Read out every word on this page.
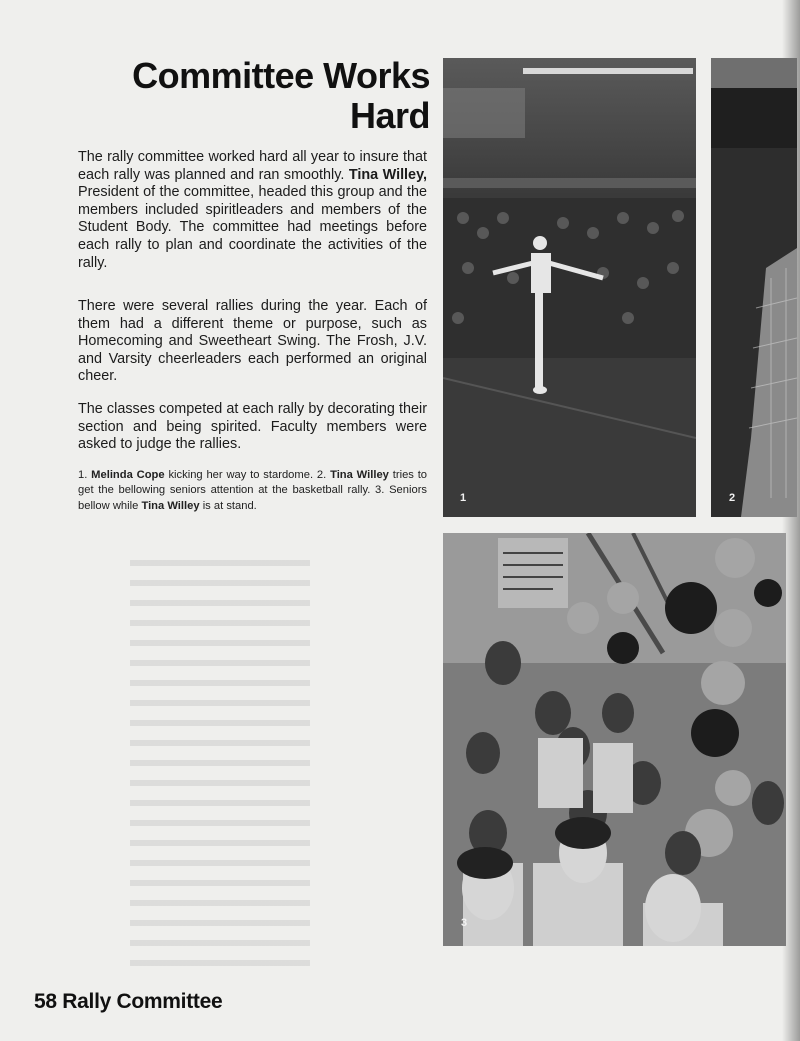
Committee Works
Hard
The rally committee worked hard all year to insure that each rally was planned and ran smoothly. Tina Willey, President of the committee, headed this group and the members included spiritleaders and members of the Student Body. The committee had meetings before each rally to plan and coordinate the activities of the rally.
There were several rallies during the year. Each of them had a different theme or purpose, such as Homecoming and Sweetheart Swing. The Frosh, J.V. and Varsity cheerleaders each performed an original cheer.
The classes competed at each rally by decorating their section and being spirited. Faculty members were asked to judge the rallies.
1. Melinda Cope kicking her way to stardome. 2. Tina Willey tries to get the bellowing seniors attention at the basketball rally. 3. Seniors bellow while Tina Willey is at stand.
1	2
3
58 Rally Committee
